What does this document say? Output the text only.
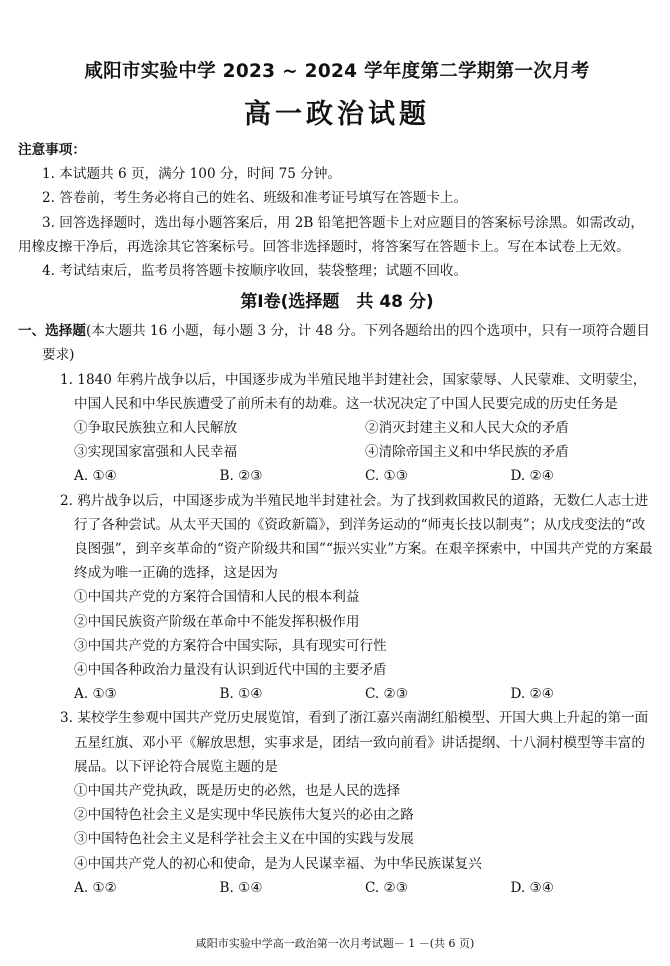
咸阳市实验中学 2023 ~ 2024 学年度第二学期第一次月考
高一政治试题

注意事项：

1. 本试题共 6 页，满分 100 分，时间 75 分钟。

2. 答卷前，考生务必将自己的姓名、班级和准考证号填写在答题卡上。

3. 回答选择题时，选出每小题答案后，用 2B 铅笔把答题卡上对应题目的答案标号涂黑。如需改动，用橡皮擦干净后，再选涂其它答案标号。回答非选择题时，将答案写在答题卡上。写在本试卷上无效。

4. 考试结束后，监考员将答题卡按顺序收回，装袋整理；试题不回收。

第Ⅰ卷(选择题　共 48 分)

一、选择题(本大题共 16 小题，每小题 3 分，计 48 分。下列各题给出的四个选项中，只有一项符合题目要求)

1. 1840 年鸦片战争以后，中国逐步成为半殖民地半封建社会，国家蒙辱、人民蒙难、文明蒙尘，中国人民和中华民族遭受了前所未有的劫难。这一状况决定了中国人民要完成的历史任务是

①争取民族独立和人民解放	②消灭封建主义和人民大众的矛盾
③实现国家富强和人民幸福	④清除帝国主义和中华民族的矛盾
A. ①④	B. ②③	C. ①③	D. ②④

2. 鸦片战争以后，中国逐步成为半殖民地半封建社会。为了找到救国救民的道路，无数仁人志士进行了各种尝试。从太平天国的《资政新篇》，到洋务运动的“师夷长技以制夷”；从戊戌变法的“改良图强”，到辛亥革命的“资产阶级共和国”“振兴实业”方案。在艰辛探索中，中国共产党的方案最终成为唯一正确的选择，这是因为

①中国共产党的方案符合国情和人民的根本利益

②中国民族资产阶级在革命中不能发挥积极作用

③中国共产党的方案符合中国实际，具有现实可行性

④中国各种政治力量没有认识到近代中国的主要矛盾

A. ①③	B. ①④	C. ②③	D. ②④

3. 某校学生参观中国共产党历史展览馆，看到了浙江嘉兴南湖红船模型、开国大典上升起的第一面五星红旗、邓小平《解放思想，实事求是，团结一致向前看》讲话提纲、十八洞村模型等丰富的展品。以下评论符合展览主题的是

①中国共产党执政，既是历史的必然，也是人民的选择

②中国特色社会主义是实现中华民族伟大复兴的必由之路

③中国特色社会主义是科学社会主义在中国的实践与发展

④中国共产党人的初心和使命，是为人民谋幸福、为中华民族谋复兴

A. ①②	B. ①④	C. ②③	D. ③④
咸阳市实验中学高一政治第一次月考试题－ 1 －(共 6 页)
